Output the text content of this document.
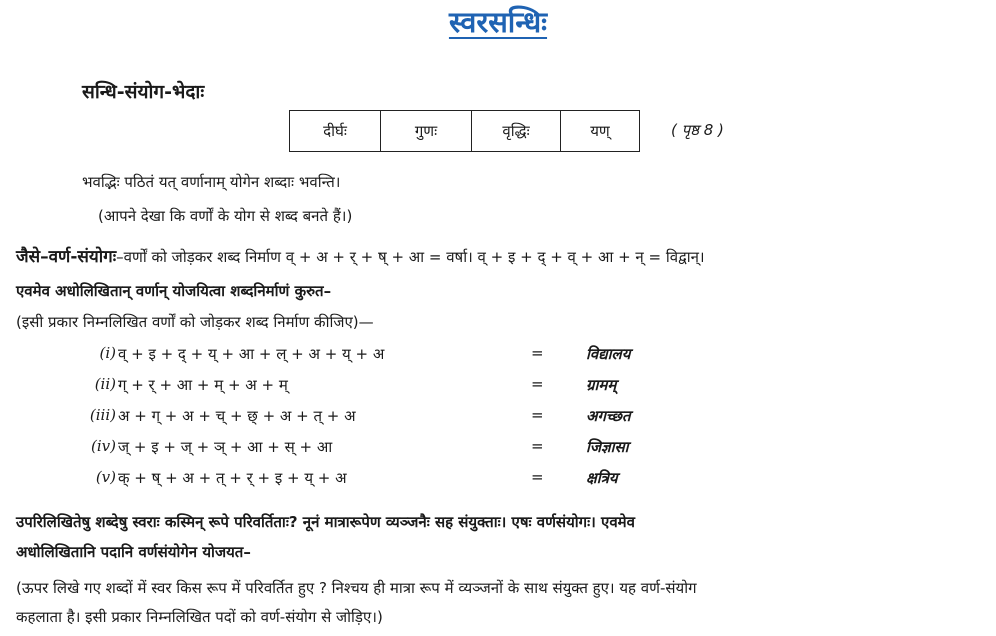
स्वरसन्धिः
सन्धि-संयोग-भेदाः
दीर्घः	गुणः	वृद्धिः	यण्	( पृष्ठ 8 )
भवद्भिः पठितं यत् वर्णानाम् योगेन शब्दाः भवन्ति।
(आपने देखा कि वर्णों के योग से शब्द बनते हैं।)
जैसे–वर्ण-संयोगः–वर्णों को जोड़कर शब्द निर्माण व् + अ + र् + ष् + आ = वर्षा। व् + इ + द् + व् + आ + न् = विद्वान्।
एवमेव अधोलिखितान् वर्णान् योजयित्वा शब्दनिर्माणं कुरुत–
(इसी प्रकार निम्नलिखित वर्णों को जोड़कर शब्द निर्माण कीजिए)—
(i) व् + इ + द् + य् + आ + ल् + अ + य् + अ	=	विद्यालय
(ii) ग् + र् + आ + म् + अ + म्	=	ग्रामम्
(iii) अ + ग् + अ + च् + छ् + अ + त् + अ	=	अगच्छत
(iv) ज् + इ + ज् + ञ् + आ + स् + आ	=	जिज्ञासा
(v) क् + ष् + अ + त् + र् + इ + य् + अ	=	क्षत्रिय
उपरिलिखितेषु शब्देषु स्वराः कस्मिन् रूपे परिवर्तिताः? नूनं मात्रारूपेण व्यञ्जनैः सह संयुक्ताः। एषः वर्णसंयोगः। एवमेव
अधोलिखितानि पदानि वर्णसंयोगेन योजयत–
(ऊपर लिखे गए शब्दों में स्वर किस रूप में परिवर्तित हुए ? निश्चय ही मात्रा रूप में व्यञ्जनों के साथ संयुक्त हुए। यह वर्ण-संयोग
कहलाता है। इसी प्रकार निम्नलिखित पदों को वर्ण-संयोग से जोड़िए।)
